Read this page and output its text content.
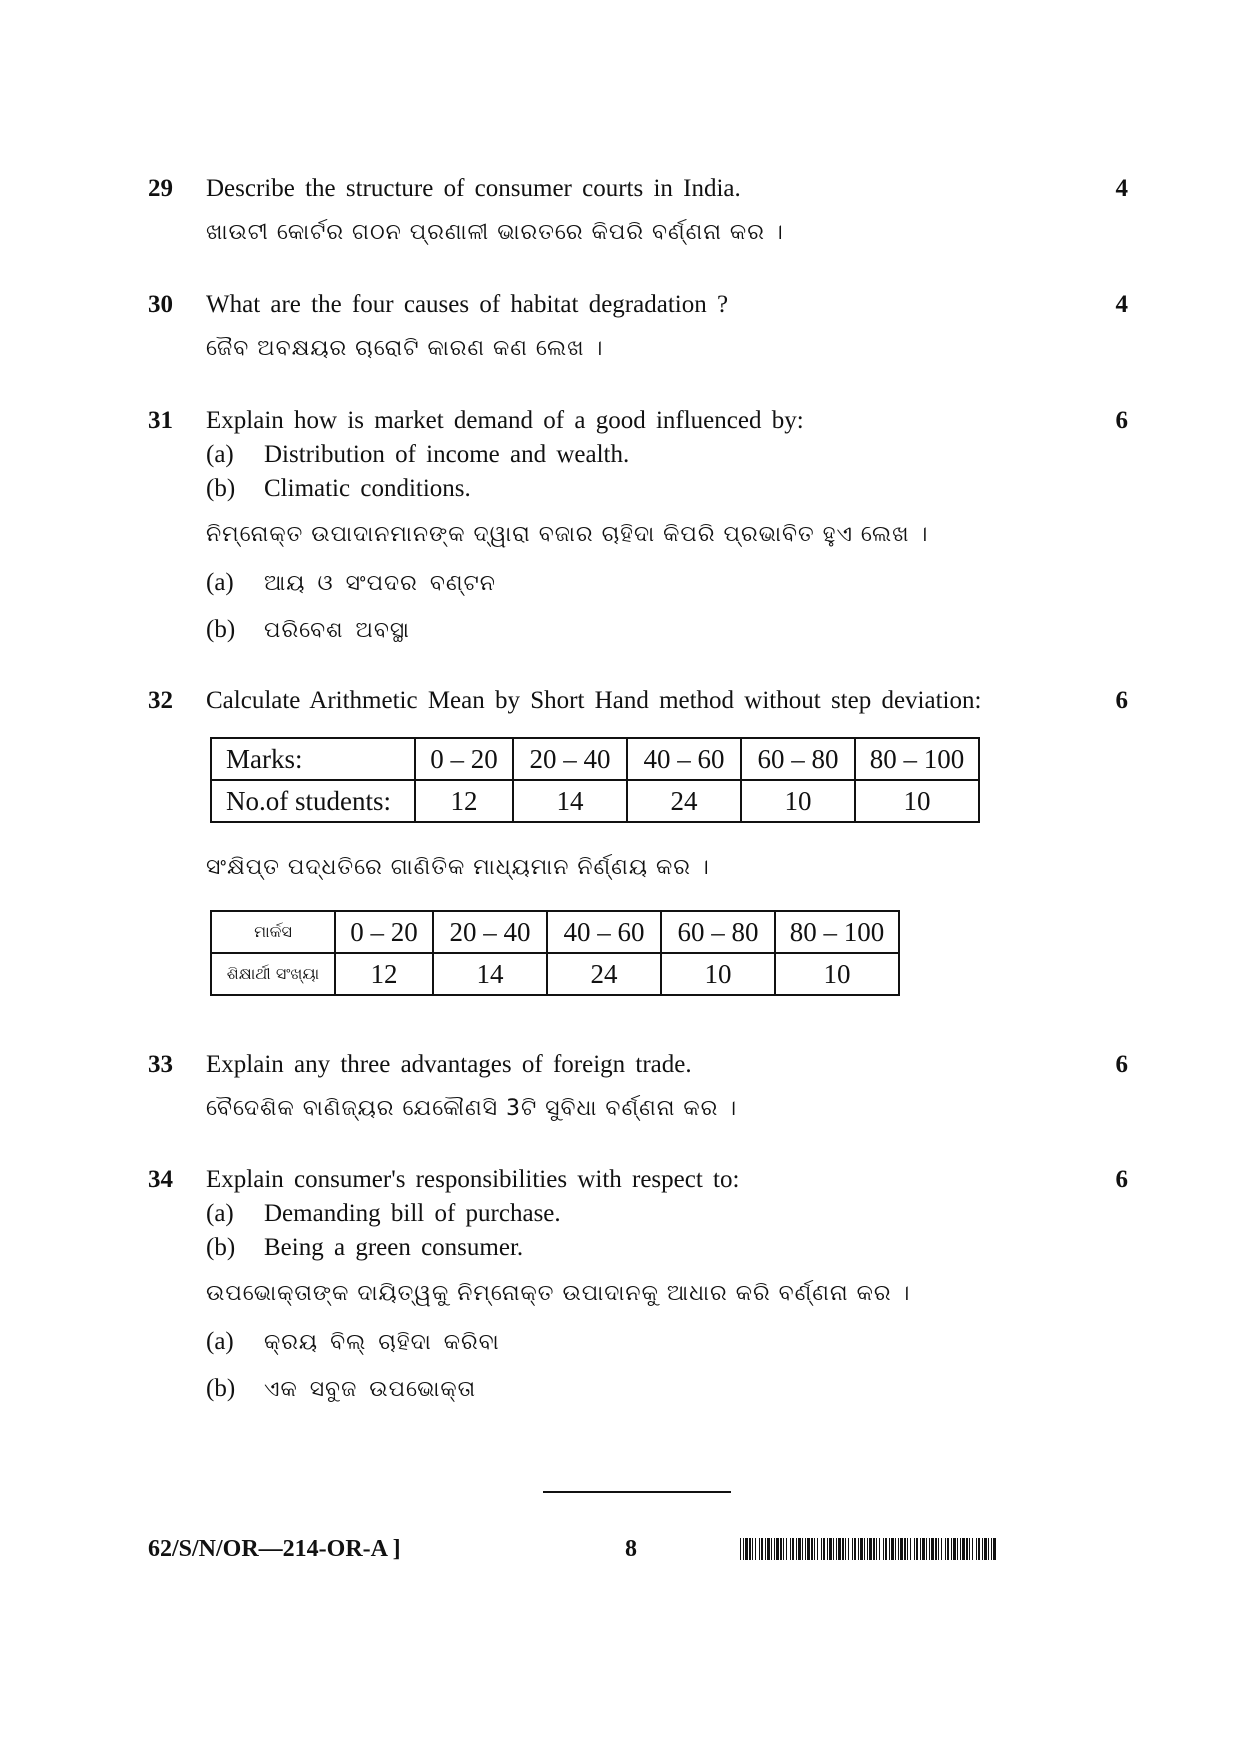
29 Describe the structure of consumer courts in India.	4
ଖାଉଟୀ କୋର୍ଟର ଗଠନ ପ୍ରଣାଳୀ ଭାରତରେ କିପରି ବର୍ଣ୍ଣନା କର ।
30 What are the four causes of habitat degradation ?	4
ଜୈବ ଅବକ୍ଷୟର ଚାରୋଟି କାରଣ କଣ ଲେଖ ।
31 Explain how is market demand of a good influenced by:	6
(a) Distribution of income and wealth.
(b) Climatic conditions.
ନିମ୍ନୋକ୍ତ ଉପାଦାନମାନଙ୍କ ଦ୍ୱାରା ବଜାର ଚାହିଦା କିପରି ପ୍ରଭାବିତ ହୁଏ ଲେଖ ।
(a) ଆୟ ଓ ସଂପଦର ବଣ୍ଟନ
(b) ପରିବେଶ ଅବସ୍ଥା
32 Calculate Arithmetic Mean by Short Hand method without step deviation:	6
Marks:	0 – 20	20 – 40	40 – 60	60 – 80	80 – 100
No.of students:	12	14	24	10	10
ସଂକ୍ଷିପ୍ତ ପଦ୍ଧତିରେ ଗାଣିତିକ ମାଧ୍ୟମାନ ନିର୍ଣ୍ଣୟ କର ।
ମାର୍କସ	0 – 20	20 – 40	40 – 60	60 – 80	80 – 100
ଶିକ୍ଷାର୍ଥୀ ସଂଖ୍ୟା	12	14	24	10	10
33 Explain any three advantages of foreign trade.	6
ବୈଦେଶିକ ବାଣିଜ୍ୟର ଯେକୌଣସି 3ଟି ସୁବିଧା ବର୍ଣ୍ଣନା କର ।
34 Explain consumer's responsibilities with respect to:	6
(a) Demanding bill of purchase.
(b) Being a green consumer.
ଉପଭୋକ୍ତାଙ୍କ ଦାୟିତ୍ୱକୁ ନିମ୍ନୋକ୍ତ ଉପାଦାନକୁ ଆଧାର କରି ବର୍ଣ୍ଣନା କର ।
(a) କ୍ରୟ ବିଲ୍ ଚାହିଦା କରିବା
(b) ଏକ ସବୁଜ ଉପଭୋକ୍ତା
62/S/N/OR—214-OR-A ]	8
